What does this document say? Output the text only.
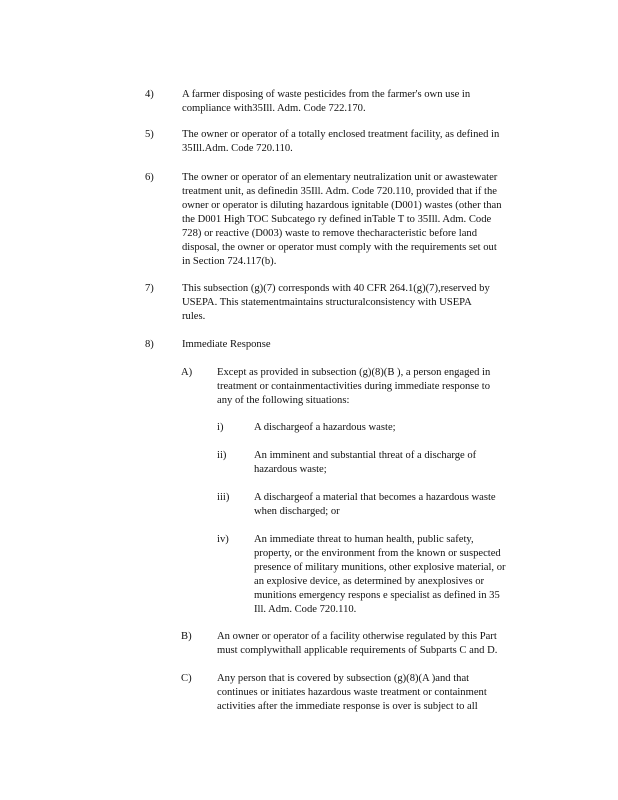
4)	A farmer disposing of waste pesticides from the farmer's own use in
compliance with35Ill. Adm. Code 722.170.
5)	The owner or operator of a totally enclosed treatment facility, as defined in
35Ill.Adm. Code 720.110.
6)	The owner or operator of an elementary neutralization unit or awastewater
treatment unit, as definedin 35Ill. Adm. Code 720.110, provided that if the
owner or operator is diluting hazardous ignitable (D001) wastes (other than
the D001 High TOC Subcatego ry defined inTable T to 35Ill. Adm. Code
728) or reactive (D003) waste to remove thecharacteristic before land
disposal, the owner or operator must comply with the requirements set out
in Section 724.117(b).
7)	This subsection (g)(7) corresponds with 40 CFR 264.1(g)(7),reserved by
USEPA. This statementmaintains structuralconsistency with USEPA
rules.
8)	Immediate Response
A) Except as provided in subsection (g)(8)(B ), a person engaged in
treatment or containmentactivities during immediate response to
any of the following situations:
i)	A dischargeof a hazardous waste;
ii)	An imminent and substantial threat of a discharge of
hazardous waste;
iii) A dischargeof a material that becomes a hazardous waste
when discharged; or
iv) An immediate threat to human health, public safety,
property, or the environment from the known or suspected
presence of military munitions, other explosive material, or
an explosive device, as determined by anexplosives or
munitions emergency respons e specialist as defined in 35
Ill. Adm. Code 720.110.
B) An owner or operator of a facility otherwise regulated by this Part
must complywithall applicable requirements of Subparts C and D.
C) Any person that is covered by subsection (g)(8)(A )and that
continues or initiates hazardous waste treatment or containment
activities after the immediate response is over is subject to all
